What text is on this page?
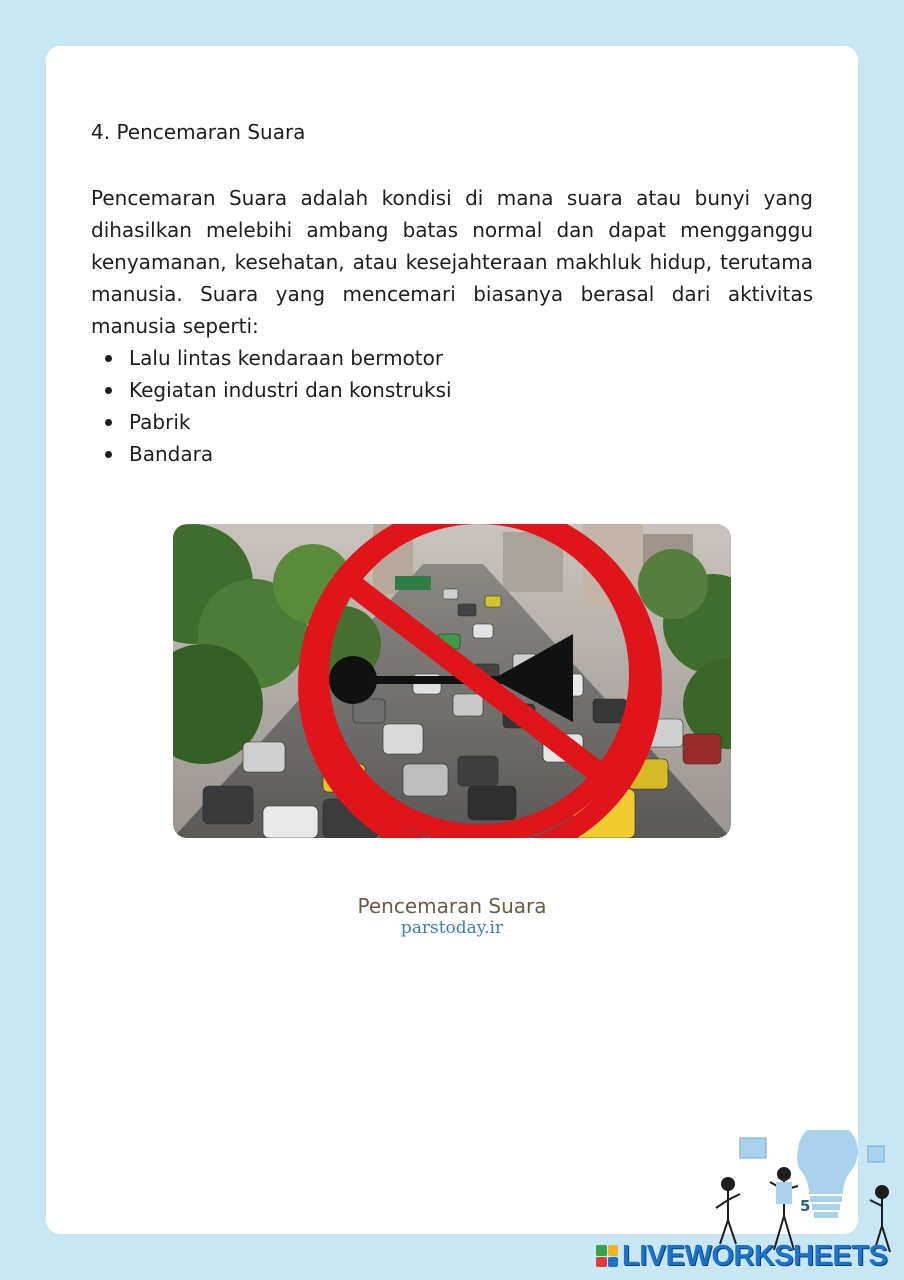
4. Pencemaran Suara

Pencemaran Suara adalah kondisi di mana suara atau bunyi yang dihasilkan melebihi ambang batas normal dan dapat mengganggu kenyamanan, kesehatan, atau kesejahteraan makhluk hidup, terutama manusia. Suara yang mencemari biasanya berasal dari aktivitas manusia seperti:

Lalu lintas kendaraan bermotor
Kegiatan industri dan konstruksi
Pabrik
Bandara
Pencemaran Suara
parstoday.ir
5
LIVEWORKSHEETS
